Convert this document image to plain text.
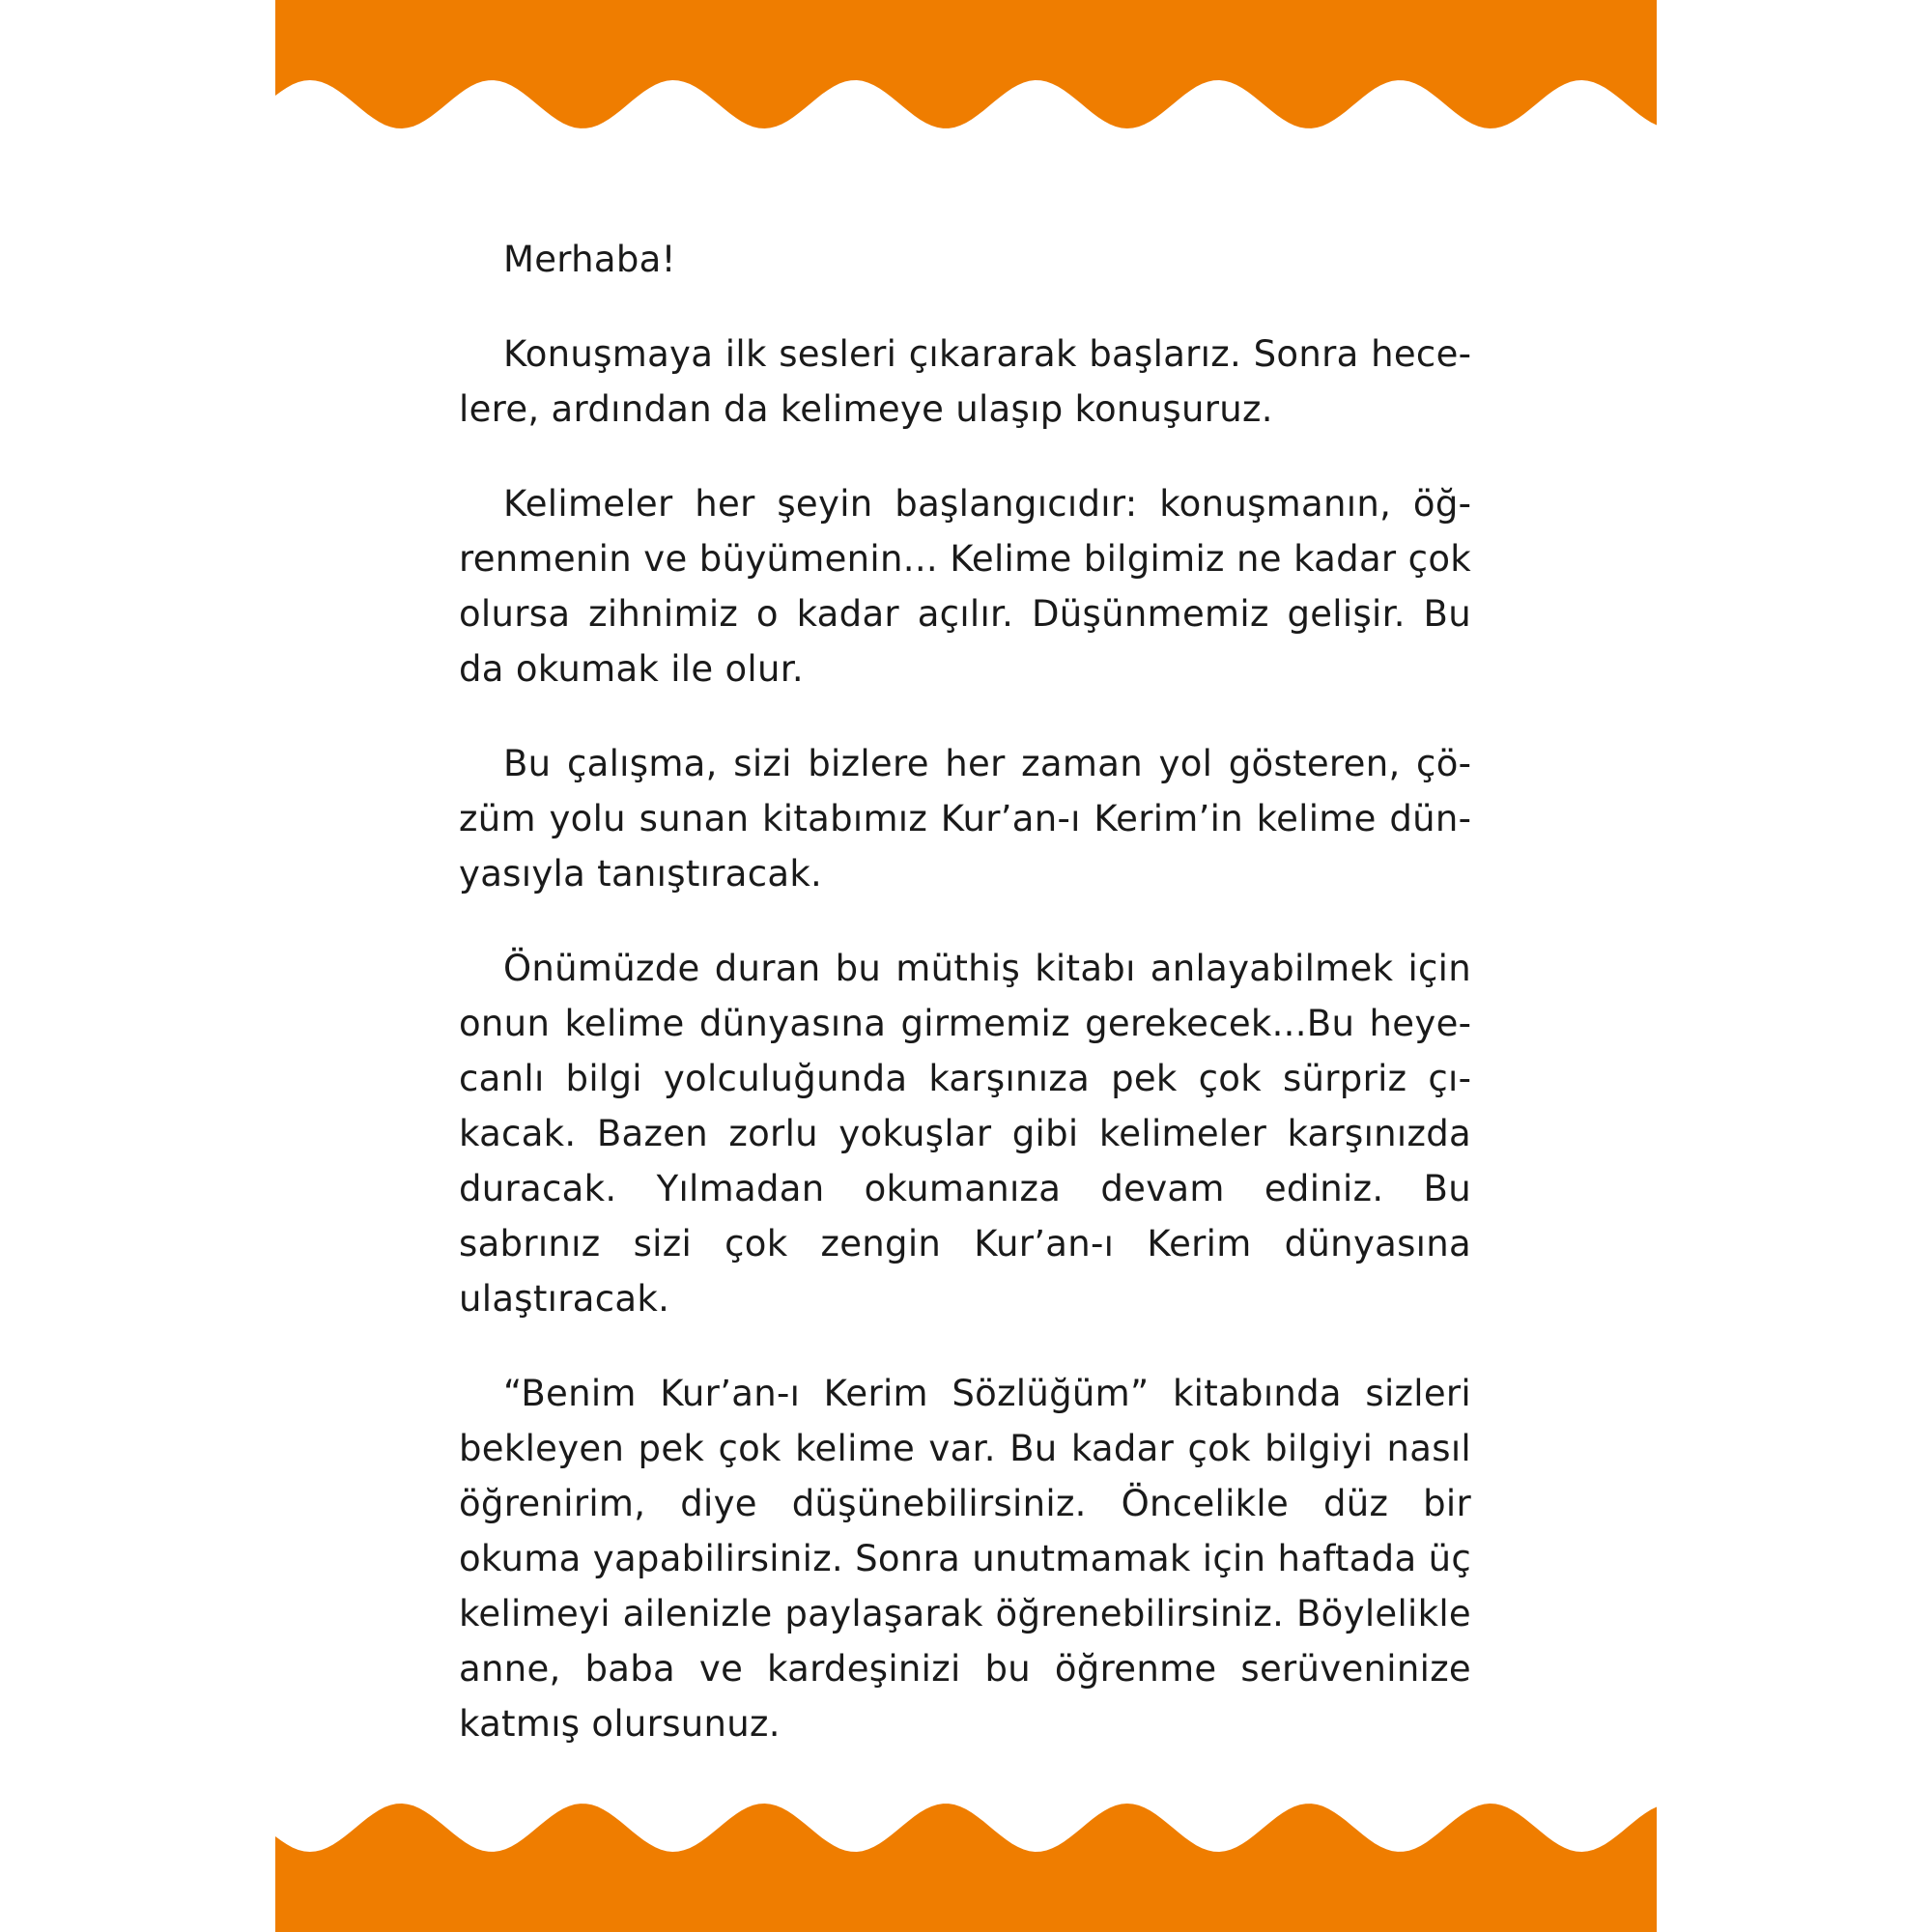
Merhaba!

Konuşmaya ilk sesleri çıkararak başlarız. Sonra hecelere, ardından da kelimeye ulaşıp konuşuruz.

Kelimeler her şeyin başlangıcıdır: konuşmanın, öğrenmenin ve büyümenin... Kelime bilgimiz ne kadar çok olursa zihnimiz o kadar açılır. Düşünmemiz gelişir. Bu da okumak ile olur.

Bu çalışma, sizi bizlere her zaman yol gösteren, çözüm yolu sunan kitabımız Kur’an-ı Kerim’in kelime dünyasıyla tanıştıracak.

Önümüzde duran bu müthiş kitabı anlayabilmek için onun kelime dünyasına girmemiz gerekecek...Bu heyecanlı bilgi yolculuğunda karşınıza pek çok sürpriz çıkacak. Bazen zorlu yokuşlar gibi kelimeler karşınızda duracak. Yılmadan okumanıza devam ediniz. Bu sabrınız sizi çok zengin Kur’an-ı Kerim dünyasına ulaştıracak.

“Benim Kur’an-ı Kerim Sözlüğüm” kitabında sizleri bekleyen pek çok kelime var. Bu kadar çok bilgiyi nasıl öğrenirim, diye düşünebilirsiniz. Öncelikle düz bir okuma yapabilirsiniz. Sonra unutmamak için haftada üç kelimeyi ailenizle paylaşarak öğrenebilirsiniz. Böylelikle anne, baba ve kardeşinizi bu öğrenme serüveninize katmış olursunuz.
